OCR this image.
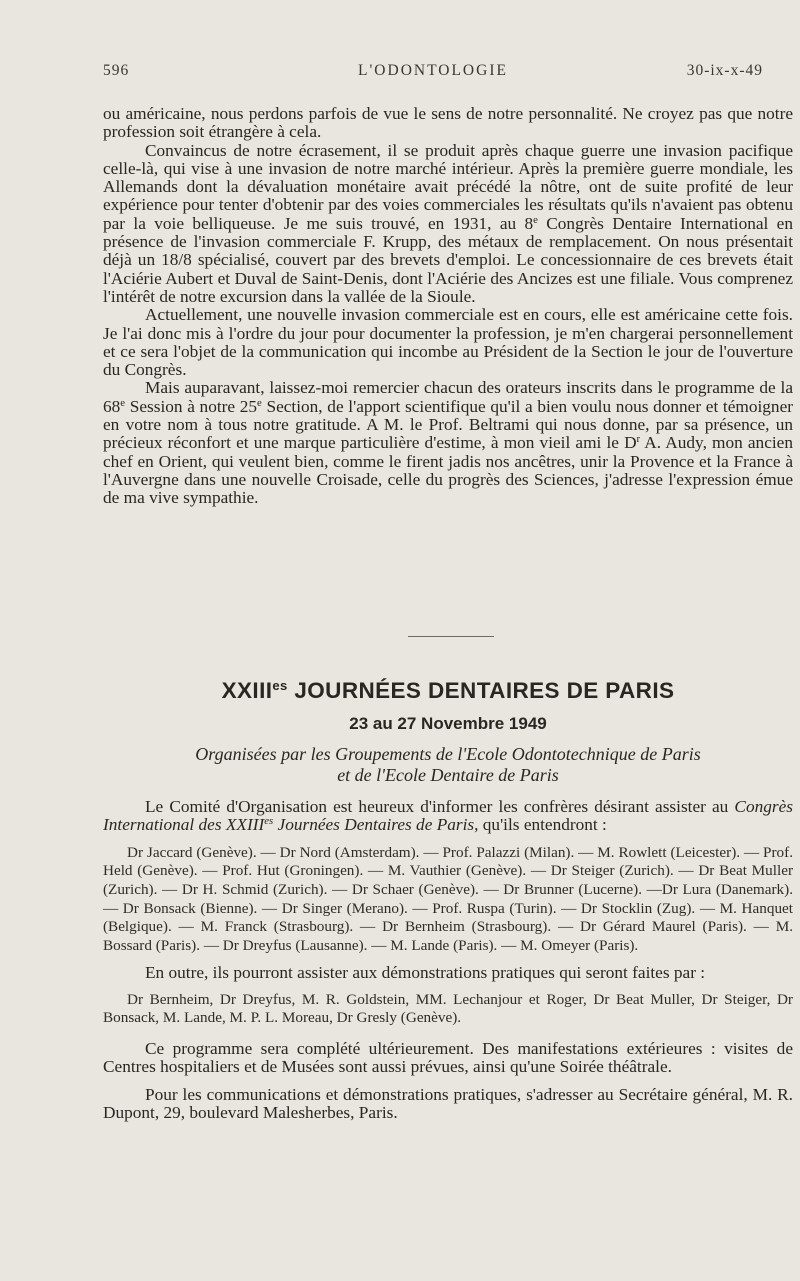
596	L'ODONTOLOGIE	30-ix-x-49

ou américaine, nous perdons parfois de vue le sens de notre personnalité. Ne croyez pas que notre profession soit étrangère à cela.

Convaincus de notre écrasement, il se produit après chaque guerre une invasion pacifique celle-là, qui vise à une invasion de notre marché intérieur. Après la première guerre mondiale, les Allemands dont la dévaluation monétaire avait précédé la nôtre, ont de suite profité de leur expérience pour tenter d'obtenir par des voies commerciales les résultats qu'ils n'avaient pas obtenu par la voie belliqueuse. Je me suis trouvé, en 1931, au 8e Congrès Dentaire International en présence de l'invasion commerciale F. Krupp, des métaux de remplacement. On nous présentait déjà un 18/8 spécialisé, couvert par des brevets d'emploi. Le concessionnaire de ces brevets était l'Aciérie Aubert et Duval de Saint-Denis, dont l'Aciérie des Ancizes est une filiale. Vous comprenez l'intérêt de notre excursion dans la vallée de la Sioule.

Actuellement, une nouvelle invasion commerciale est en cours, elle est américaine cette fois. Je l'ai donc mis à l'ordre du jour pour documenter la profession, je m'en chargerai personnellement et ce sera l'objet de la communication qui incombe au Président de la Section le jour de l'ouverture du Congrès.

Mais auparavant, laissez-moi remercier chacun des orateurs inscrits dans le programme de la 68e Session à notre 25e Section, de l'apport scientifique qu'il a bien voulu nous donner et témoigner en votre nom à tous notre gratitude. A M. le Prof. Beltrami qui nous donne, par sa présence, un précieux réconfort et une marque particulière d'estime, à mon vieil ami le $D^r$ A. Audy, mon ancien chef en Orient, qui veulent bien, comme le firent jadis nos ancêtres, unir la Provence et la France à l'Auvergne dans une nouvelle Croisade, celle du progrès des Sciences, j'adresse l'expression émue de ma vive sympathie.

$XXIII^{es}$ JOURNÉES DENTAIRES DE PARIS

23 au 27 Novembre 1949

Organisées par les Groupements de l'Ecole Odontotechnique de Paris
et de l'Ecole Dentaire de Paris

Le Comité d'Organisation est heureux d'informer les confrères désirant assister au Congrès International des $XXIII^{es}$ Journées Dentaires de Paris, qu'ils entendront :

Dr Jaccard (Genève). — Dr Nord (Amsterdam). — Prof. Palazzi (Milan). — M. Rowlett (Leicester). — Prof. Held (Genève). — Prof. Hut (Groningen). — M. Vauthier (Genève). — Dr Steiger (Zurich). — Dr Beat Muller (Zurich). — Dr H. Schmid (Zurich). — Dr Schaer (Genève). — Dr Brunner (Lucerne). —Dr Lura (Danemark). — Dr Bonsack (Bienne). — Dr Singer (Merano). — Prof. Ruspa (Turin). — Dr Stocklin (Zug). — M. Hanquet (Belgique). — M. Franck (Strasbourg). — Dr Bernheim (Strasbourg). — Dr Gérard Maurel (Paris). — M. Bossard (Paris). — Dr Dreyfus (Lausanne). — M. Lande (Paris). — M. Omeyer (Paris).

En outre, ils pourront assister aux démonstrations pratiques qui seront faites par :

Dr Bernheim, Dr Dreyfus, M. R. Goldstein, MM. Lechanjour et Roger, Dr Beat Muller, Dr Steiger, Dr Bonsack, M. Lande, M. P. L. Moreau, Dr Gresly (Genève).

Ce programme sera complété ultérieurement. Des manifestations extérieures : visites de Centres hospitaliers et de Musées sont aussi prévues, ainsi qu'une Soirée théâtrale.

Pour les communications et démonstrations pratiques, s'adresser au Secrétaire général, M. R. Dupont, 29, boulevard Malesherbes, Paris.
